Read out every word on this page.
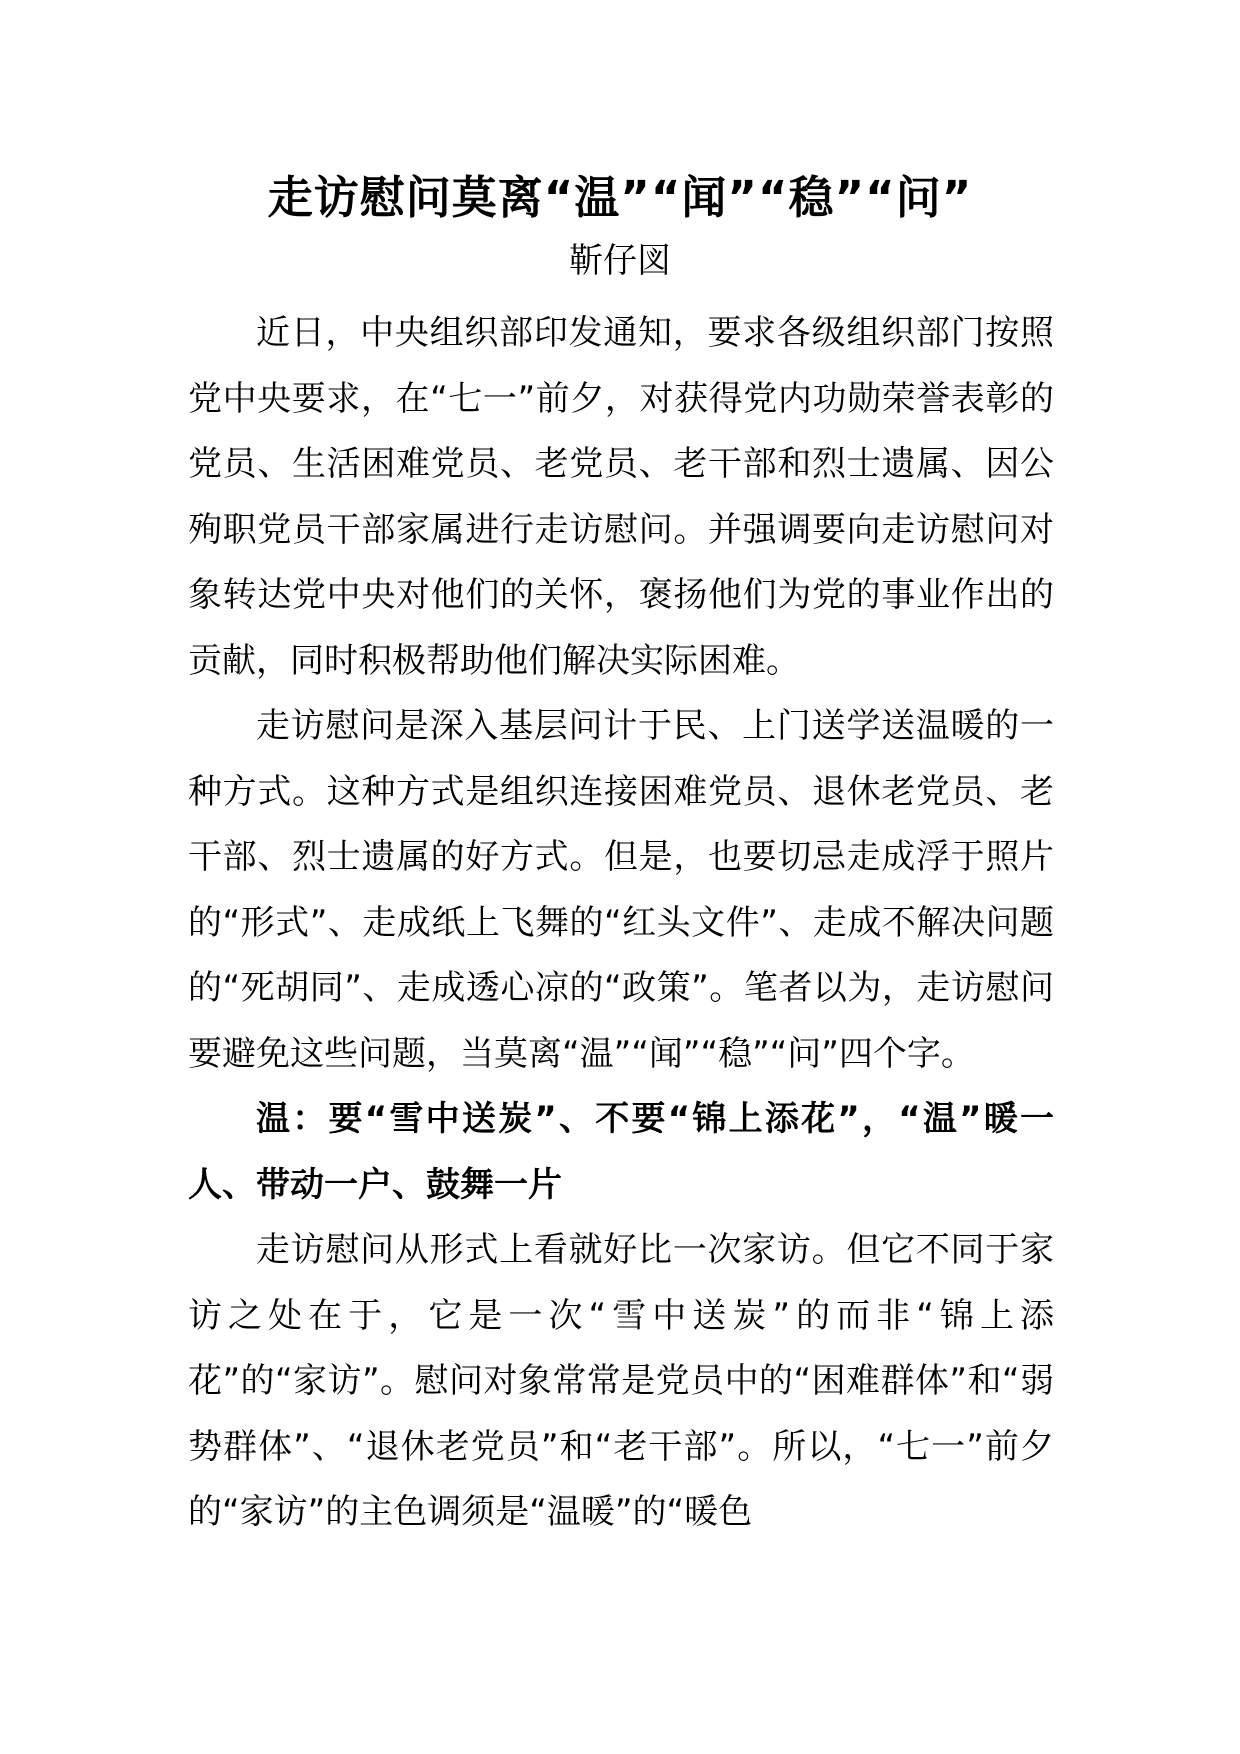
走访慰问莫离“温”“闻”“稳”“问”
靳仔図

近日，中央组织部印发通知，要求各级组织部门按照党中央要求，在“七一”前夕，对获得党内功勋荣誉表彰的党员、生活困难党员、老党员、老干部和烈士遗属、因公殉职党员干部家属进行走访慰问。并强调要向走访慰问对象转达党中央对他们的关怀，褒扬他们为党的事业作出的贡献，同时积极帮助他们解决实际困难。

走访慰问是深入基层问计于民、上门送学送温暖的一种方式。这种方式是组织连接困难党员、退休老党员、老干部、烈士遗属的好方式。但是，也要切忌走成浮于照片的“形式”、走成纸上飞舞的“红头文件”、走成不解决问题的“死胡同”、走成透心凉的“政策”。笔者以为，走访慰问要避免这些问题，当莫离“温”“闻”“稳”“问”四个字。

温：要“雪中送炭”、不要“锦上添花”，“温”暖一人、带动一户、鼓舞一片

走访慰问从形式上看就好比一次家访。但它不同于家访之处在于，它是一次“雪中送炭”的而非“锦上添花”的“家访”。慰问对象常常是党员中的“困难群体”和“弱势群体”、“退休老党员”和“老干部”。所以，“七一”前夕的“家访”的主色调须是“温暖”的“暖色
